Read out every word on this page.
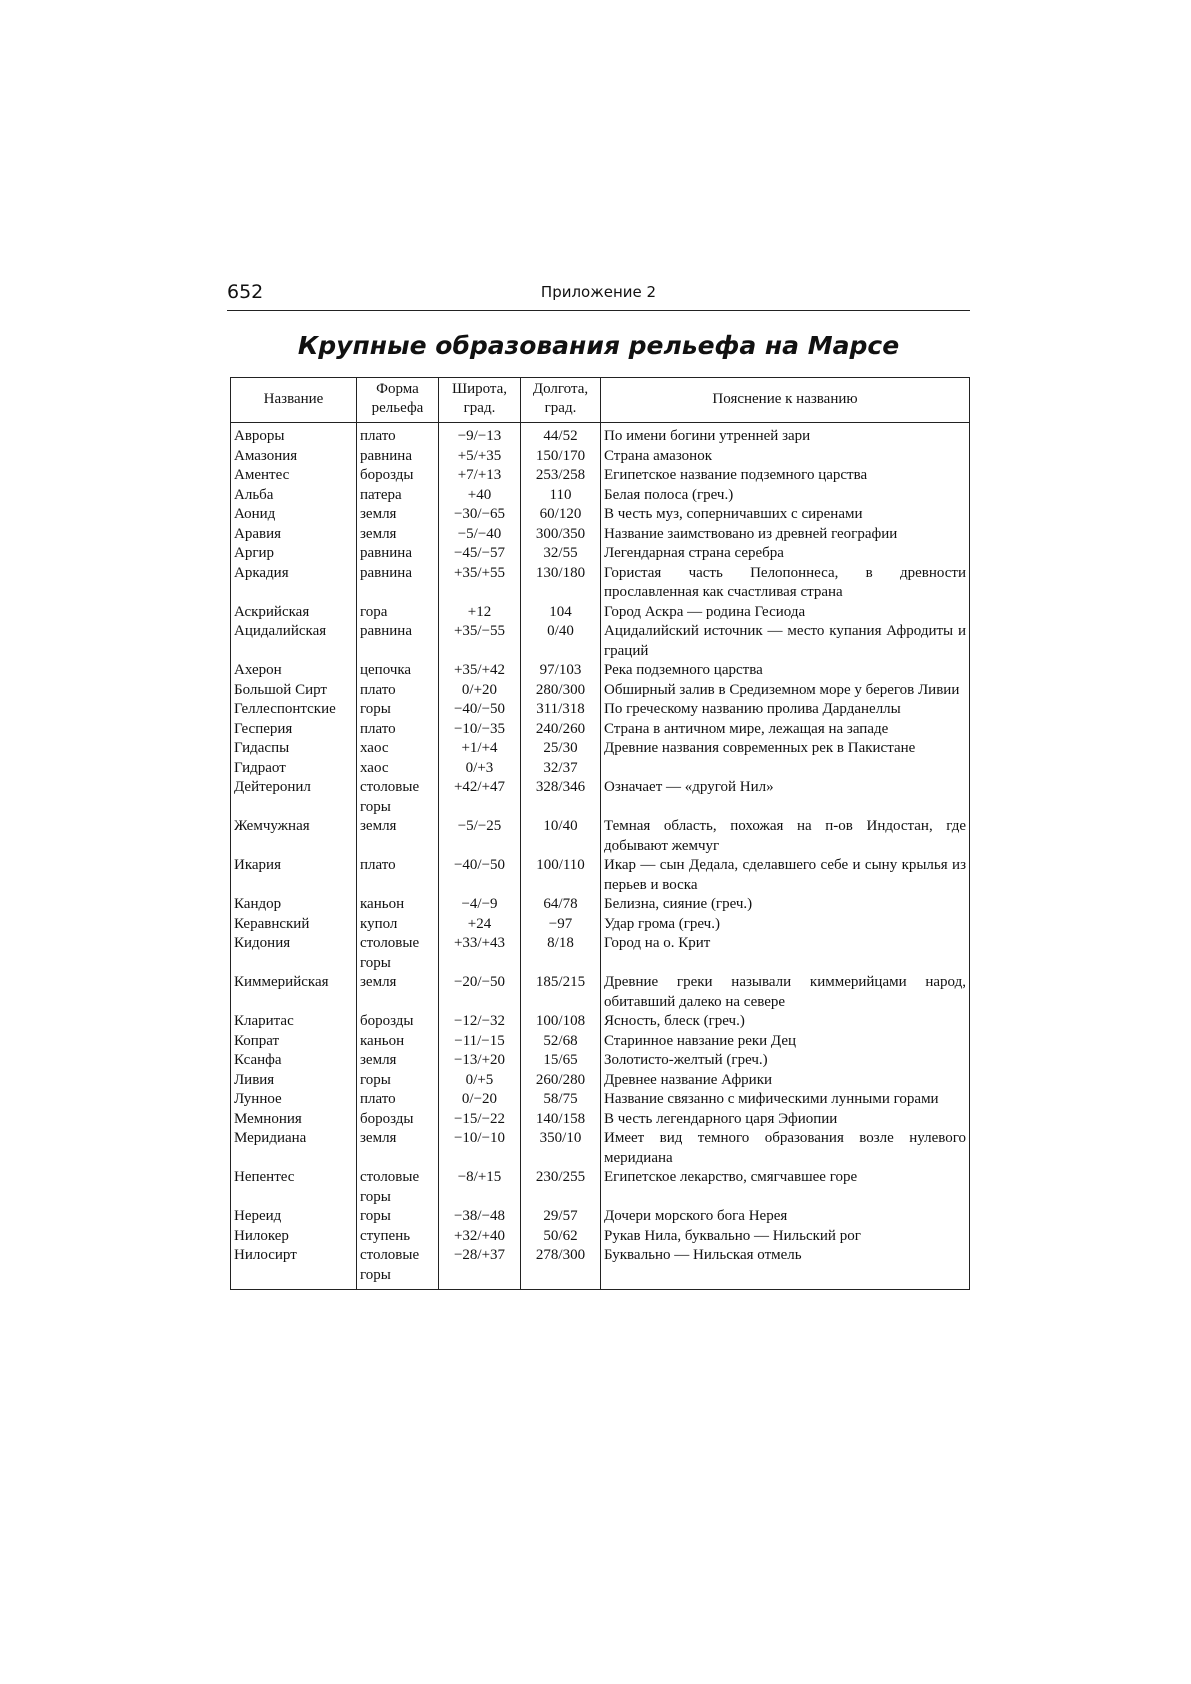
652	Приложение 2
Крупные образования рельефа на Марсе
Название	Форма рельефа	Широта, град.	Долгота, град.	Пояснение к названию
Авроры	плато	−9/−13	44/52	По имени богини утренней зари
Амазония	равнина	+5/+35	150/170	Страна амазонок
Аментес	борозды	+7/+13	253/258	Египетское название подземного царства
Альба	патера	+40	110	Белая полоса (греч.)
Аонид	земля	−30/−65	60/120	В честь муз, соперничавших с сиренами
Аравия	земля	−5/−40	300/350	Название заимствовано из древней географии
Аргир	равнина	−45/−57	32/55	Легендарная страна серебра
Аркадия	равнина	+35/+55	130/180	Гористая часть Пелопоннеса, в древности прославленная как счастливая страна
Аскрийская	гора	+12	104	Город Аскра — родина Гесиода
Ацидалийская	равнина	+35/−55	0/40	Ацидалийский источник — место купания Афродиты и граций
Ахерон	цепочка	+35/+42	97/103	Река подземного царства
Большой Сирт	плато	0/+20	280/300	Обширный залив в Средиземном море у берегов Ливии
Геллеспонтские	горы	−40/−50	311/318	По греческому названию пролива Дарданеллы
Гесперия	плато	−10/−35	240/260	Страна в античном мире, лежащая на западе
Гидаспы	хаос	+1/+4	25/30	Древние названия современных рек в Пакистане
Гидраот	хаос	0/+3	32/37	
Дейтеронил	столовые горы	+42/+47	328/346	Означает — «другой Нил»
Жемчужная	земля	−5/−25	10/40	Темная область, похожая на п-ов Индостан, где добывают жемчуг
Икария	плато	−40/−50	100/110	Икар — сын Дедала, сделавшего себе и сыну крылья из перьев и воска
Кандор	каньон	−4/−9	64/78	Белизна, сияние (греч.)
Керавнский	купол	+24	−97	Удар грома (греч.)
Кидония	столовые горы	+33/+43	8/18	Город на о. Крит
Киммерийская	земля	−20/−50	185/215	Древние греки называли киммерийцами народ, обитавший далеко на севере
Кларитас	борозды	−12/−32	100/108	Ясность, блеск (греч.)
Копрат	каньон	−11/−15	52/68	Старинное навзание реки Дец
Ксанфа	земля	−13/+20	15/65	Золотисто-желтый (греч.)
Ливия	горы	0/+5	260/280	Древнее название Африки
Лунное	плато	0/−20	58/75	Название связанно с мифическими лунными горами
Мемнония	борозды	−15/−22	140/158	В честь легендарного царя Эфиопии
Меридиана	земля	−10/−10	350/10	Имеет вид темного образования возле нулевого меридиана
Непентес	столовые горы	−8/+15	230/255	Египетское лекарство, смягчавшее горе
Нереид	горы	−38/−48	29/57	Дочери морского бога Нерея
Нилокер	ступень	+32/+40	50/62	Рукав Нила, буквально — Нильский рог
Нилосирт	столовые горы	−28/+37	278/300	Буквально — Нильская отмель
